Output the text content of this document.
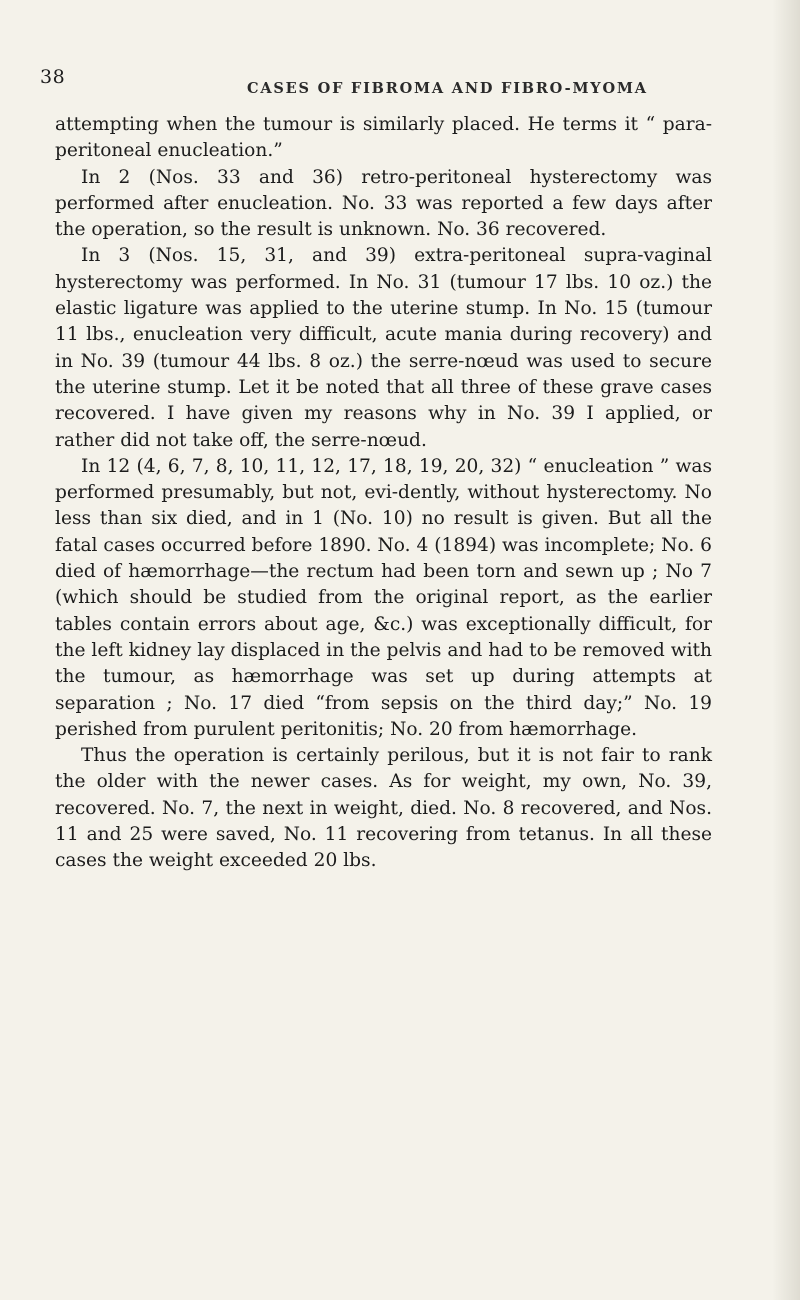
38
CASES OF FIBROMA AND FIBRO-MYOMA

attempting when the tumour is similarly placed. He terms it “ para-peritoneal enucleation.”

In 2 (Nos. 33 and 36) retro-peritoneal hysterectomy was performed after enucleation. No. 33 was reported a few days after the operation, so the result is unknown. No. 36 recovered.

In 3 (Nos. 15, 31, and 39) extra-peritoneal supra-vaginal hysterectomy was performed. In No. 31 (tumour 17 lbs. 10 oz.) the elastic ligature was applied to the uterine stump. In No. 15 (tumour 11 lbs., enucleation very difficult, acute mania during recovery) and in No. 39 (tumour 44 lbs. 8 oz.) the serre-nœud was used to secure the uterine stump. Let it be noted that all three of these grave cases recovered. I have given my reasons why in No. 39 I applied, or rather did not take off, the serre-nœud.

In 12 (4, 6, 7, 8, 10, 11, 12, 17, 18, 19, 20, 32) “ enucleation ” was performed presumably, but not, evi-dently, without hysterectomy. No less than six died, and in 1 (No. 10) no result is given. But all the fatal cases occurred before 1890. No. 4 (1894) was incomplete; No. 6 died of hæmorrhage—the rectum had been torn and sewn up ; No 7 (which should be studied from the original report, as the earlier tables contain errors about age, &c.) was exceptionally difficult, for the left kidney lay displaced in the pelvis and had to be removed with the tumour, as hæmorrhage was set up during attempts at separation ; No. 17 died “from sepsis on the third day;” No. 19 perished from purulent peritonitis; No. 20 from hæmorrhage.

Thus the operation is certainly perilous, but it is not fair to rank the older with the newer cases. As for weight, my own, No. 39, recovered. No. 7, the next in weight, died. No. 8 recovered, and Nos. 11 and 25 were saved, No. 11 recovering from tetanus. In all these cases the weight exceeded 20 lbs.
